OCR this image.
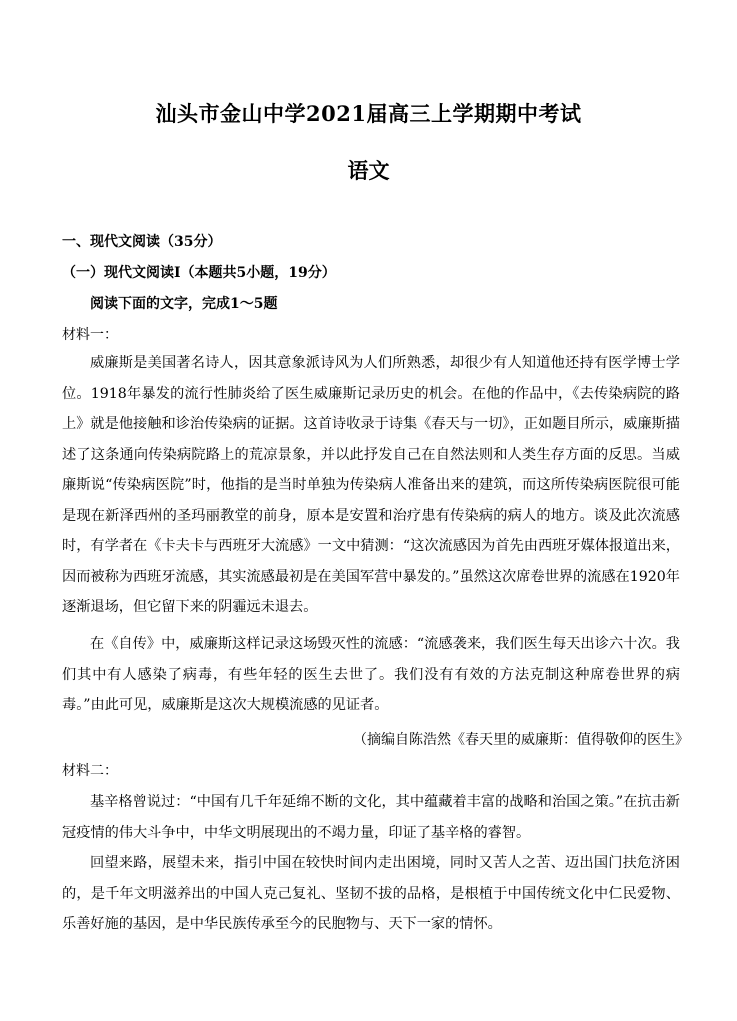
汕头市金山中学2021届高三上学期期中考试
语文
一、现代文阅读（35分）
（一）现代文阅读Ⅰ（本题共5小题，19分）
阅读下面的文字，完成1～5题
材料一：

威廉斯是美国著名诗人，因其意象派诗风为人们所熟悉，却很少有人知道他还持有医学博士学位。1918年暴发的流行性肺炎给了医生威廉斯记录历史的机会。在他的作品中，《去传染病院的路上》就是他接触和诊治传染病的证据。这首诗收录于诗集《春天与一切》，正如题目所示，威廉斯描述了这条通向传染病院路上的荒凉景象，并以此抒发自己在自然法则和人类生存方面的反思。当威廉斯说“传染病医院”时，他指的是当时单独为传染病人准备出来的建筑，而这所传染病医院很可能是现在新泽西州的圣玛丽教堂的前身，原本是安置和治疗患有传染病的病人的地方。谈及此次流感时，有学者在《卡夫卡与西班牙大流感》一文中猜测：“这次流感因为首先由西班牙媒体报道出来，因而被称为西班牙流感，其实流感最初是在美国军营中暴发的。”虽然这次席卷世界的流感在1920年逐渐退场，但它留下来的阴霾远未退去。

在《自传》中，威廉斯这样记录这场毁灭性的流感：“流感袭来，我们医生每天出诊六十次。我们其中有人感染了病毒，有些年轻的医生去世了。我们没有有效的方法克制这种席卷世界的病毒。”由此可见，威廉斯是这次大规模流感的见证者。

（摘编自陈浩然《春天里的威廉斯：值得敬仰的医生》
材料二：

基辛格曾说过：“中国有几千年延绵不断的文化，其中蕴藏着丰富的战略和治国之策。”在抗击新冠疫情的伟大斗争中，中华文明展现出的不竭力量，印证了基辛格的睿智。

回望来路，展望未来，指引中国在较快时间内走出困境，同时又苦人之苦、迈出国门扶危济困的，是千年文明滋养出的中国人克己复礼、坚韧不拔的品格，是根植于中国传统文化中仁民爱物、乐善好施的基因，是中华民族传承至今的民胞物与、天下一家的情怀。
